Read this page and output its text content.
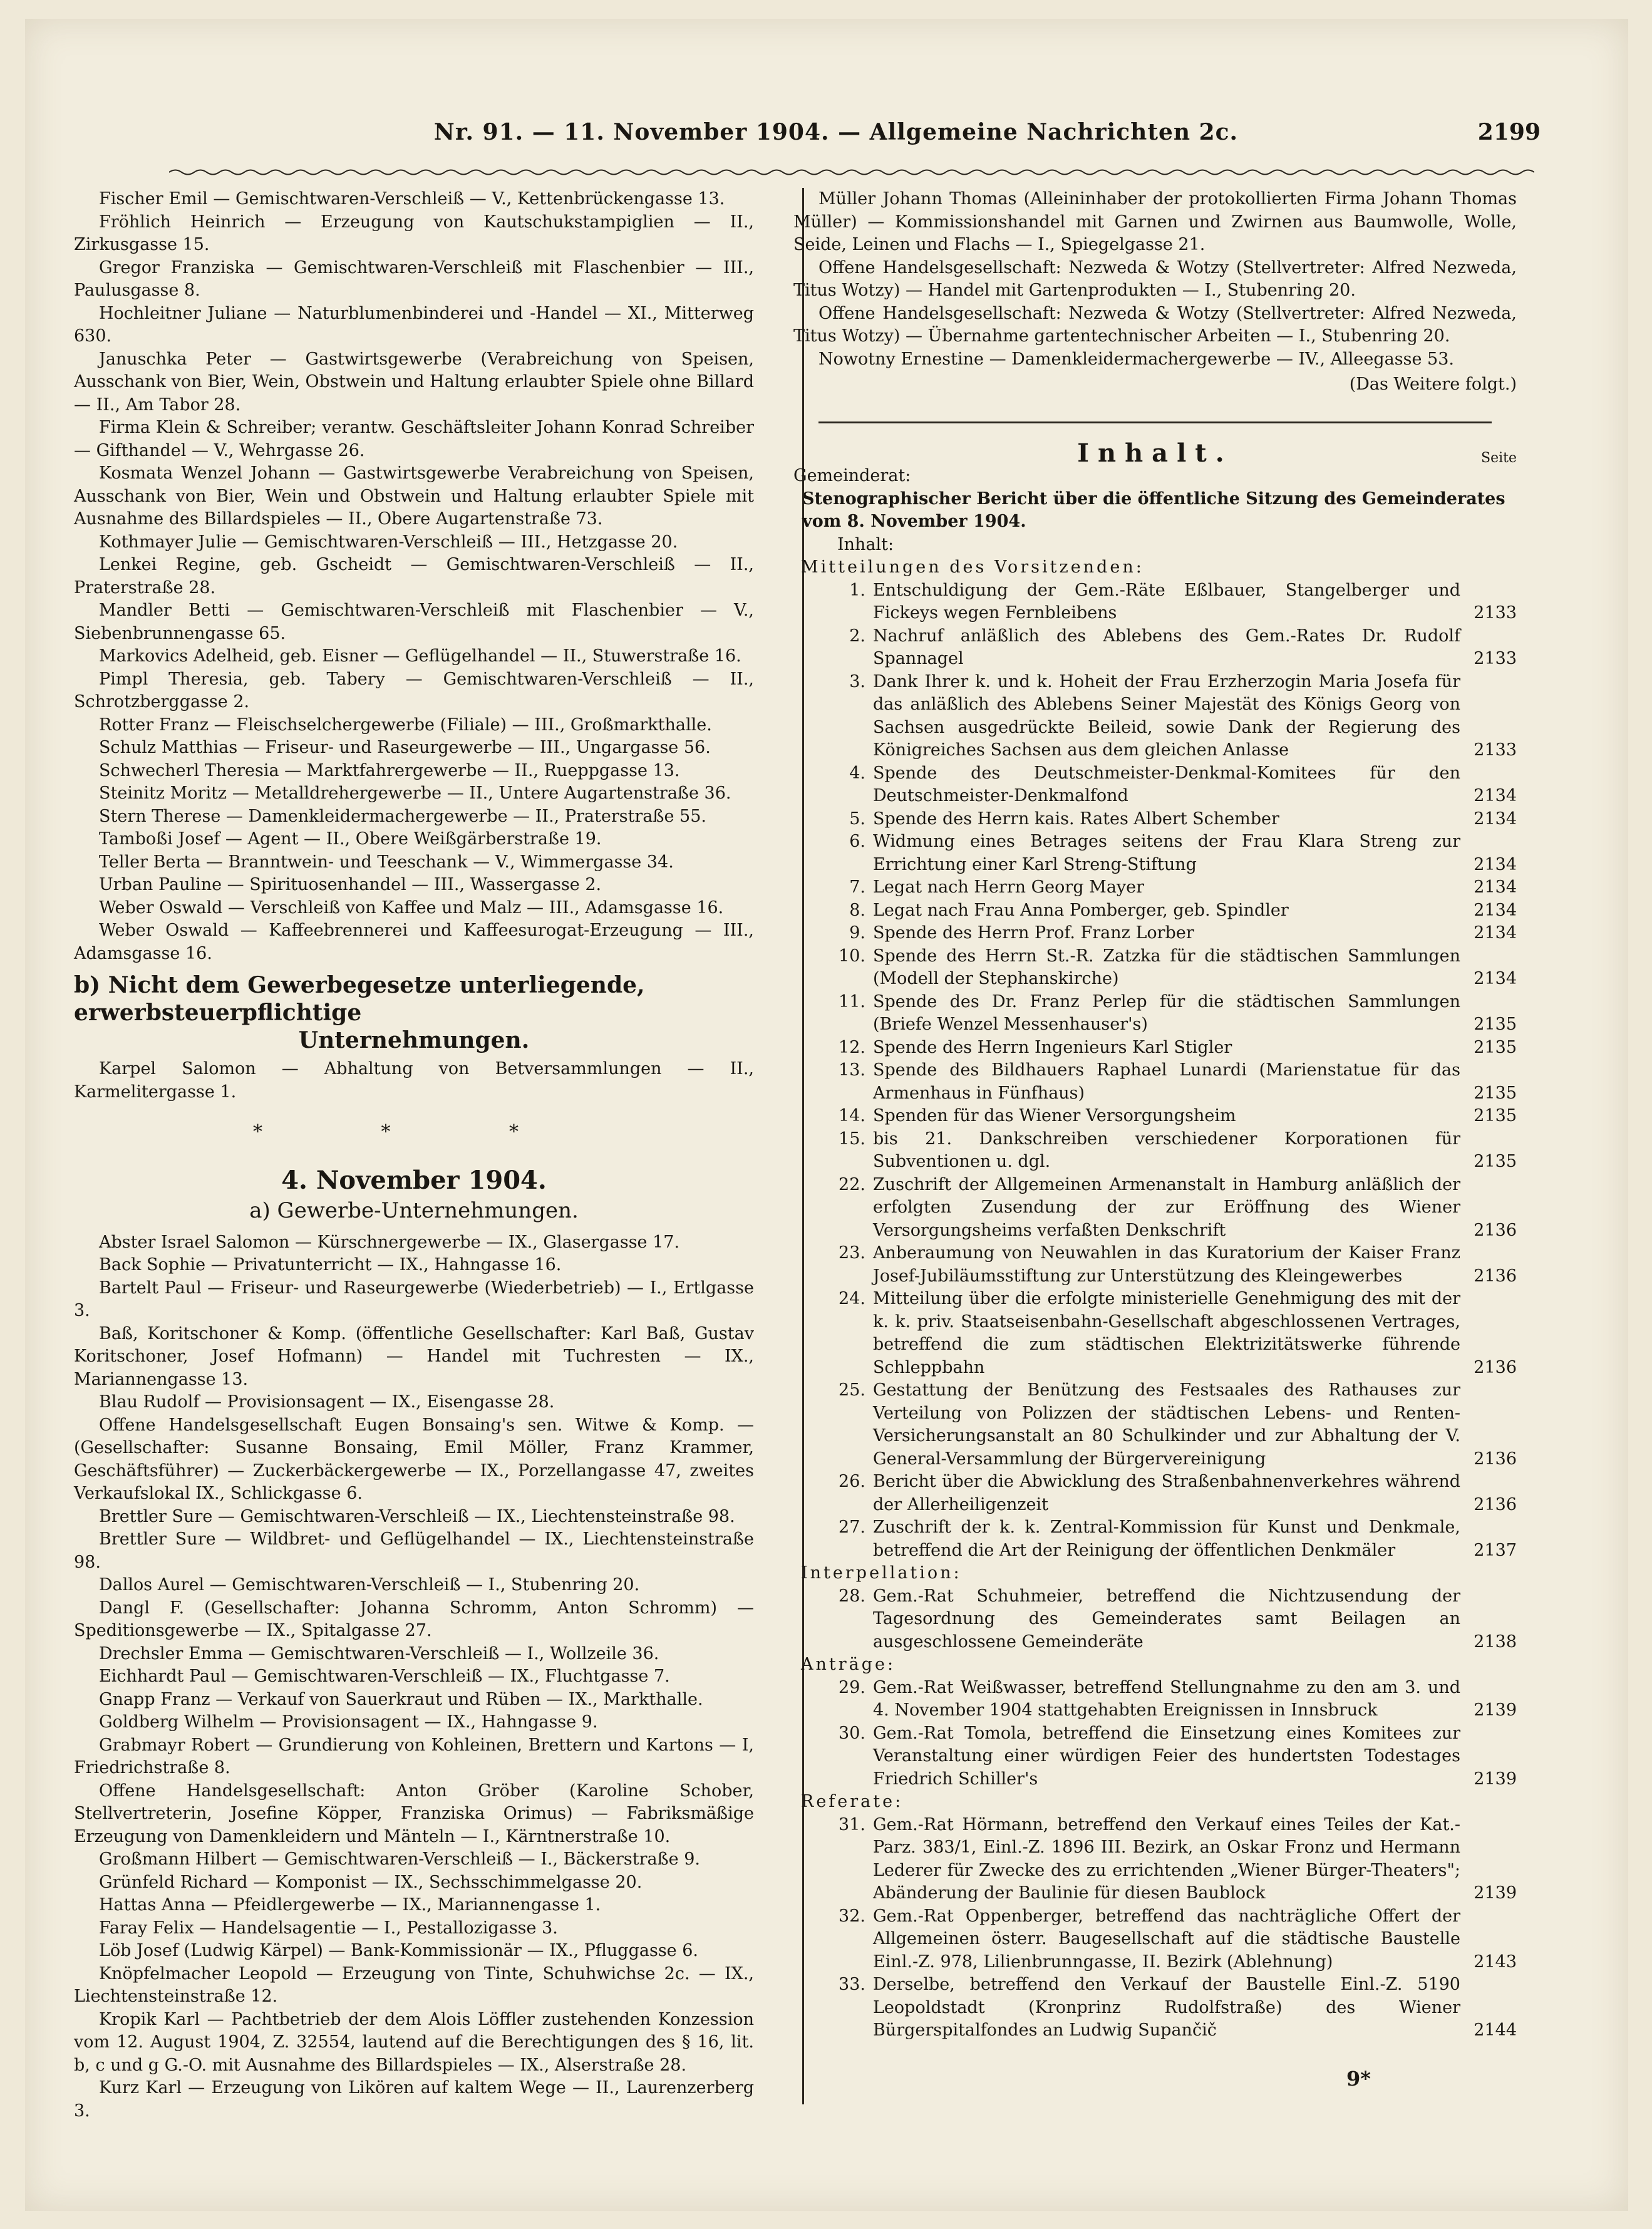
Nr. 91. — 11. November 1904. — Allgemeine Nachrichten 2c.	2199

Fischer Emil — Gemischtwaren-Verschleiß — V., Kettenbrückengasse 13.

Fröhlich Heinrich — Erzeugung von Kautschukstampiglien — II., Zirkusgasse 15.

Gregor Franziska — Gemischtwaren-Verschleiß mit Flaschenbier — III., Paulusgasse 8.

Hochleitner Juliane — Naturblumenbinderei und -Handel — XI., Mitterweg 630.

Januschka Peter — Gastwirtsgewerbe (Verabreichung von Speisen, Ausschank von Bier, Wein, Obstwein und Haltung erlaubter Spiele ohne Billard — II., Am Tabor 28.

Firma Klein & Schreiber; verantw. Geschäftsleiter Johann Konrad Schreiber — Gifthandel — V., Wehrgasse 26.

Kosmata Wenzel Johann — Gastwirtsgewerbe Verabreichung von Speisen, Ausschank von Bier, Wein und Obstwein und Haltung erlaubter Spiele mit Ausnahme des Billardspieles — II., Obere Augartenstraße 73.

Kothmayer Julie — Gemischtwaren-Verschleiß — III., Hetzgasse 20.

Lenkei Regine, geb. Gscheidt — Gemischtwaren-Verschleiß — II., Praterstraße 28.

Mandler Betti — Gemischtwaren-Verschleiß mit Flaschenbier — V., Siebenbrunnengasse 65.

Markovics Adelheid, geb. Eisner — Geflügelhandel — II., Stuwerstraße 16.

Pimpl Theresia, geb. Tabery — Gemischtwaren-Verschleiß — II., Schrotzberggasse 2.

Rotter Franz — Fleischselchergewerbe (Filiale) — III., Großmarkthalle.

Schulz Matthias — Friseur- und Raseurgewerbe — III., Ungargasse 56.

Schwecherl Theresia — Marktfahrergewerbe — II., Rueppgasse 13.

Steinitz Moritz — Metalldrehergewerbe — II., Untere Augartenstraße 36.

Stern Therese — Damenkleidermachergewerbe — II., Praterstraße 55.

Tamboßi Josef — Agent — II., Obere Weißgärberstraße 19.

Teller Berta — Branntwein- und Teeschank — V., Wimmergasse 34.

Urban Pauline — Spirituosenhandel — III., Wassergasse 2.

Weber Oswald — Verschleiß von Kaffee und Malz — III., Adamsgasse 16.

Weber Oswald — Kaffeebrennerei und Kaffeesurogat-Erzeugung — III., Adamsgasse 16.

b) Nicht dem Gewerbegesetze unterliegende, erwerbsteuerpflichtige
Unternehmungen.

Karpel Salomon — Abhaltung von Betversammlungen — II., Karmelitergasse 1.

* * *
4. November 1904.
a) Gewerbe-Unternehmungen.

Abster Israel Salomon — Kürschnergewerbe — IX., Glasergasse 17.

Back Sophie — Privatunterricht — IX., Hahngasse 16.

Bartelt Paul — Friseur- und Raseurgewerbe (Wiederbetrieb) — I., Ertlgasse 3.

Baß, Koritschoner & Komp. (öffentliche Gesellschafter: Karl Baß, Gustav Koritschoner, Josef Hofmann) — Handel mit Tuchresten — IX., Mariannengasse 13.

Blau Rudolf — Provisionsagent — IX., Eisengasse 28.

Offene Handelsgesellschaft Eugen Bonsaing's sen. Witwe & Komp. — (Gesellschafter: Susanne Bonsaing, Emil Möller, Franz Krammer, Geschäftsführer) — Zuckerbäckergewerbe — IX., Porzellangasse 47, zweites Verkaufslokal IX., Schlickgasse 6.

Brettler Sure — Gemischtwaren-Verschleiß — IX., Liechtensteinstraße 98.

Brettler Sure — Wildbret- und Geflügelhandel — IX., Liechtensteinstraße 98.

Dallos Aurel — Gemischtwaren-Verschleiß — I., Stubenring 20.

Dangl F. (Gesellschafter: Johanna Schromm, Anton Schromm) — Speditionsgewerbe — IX., Spitalgasse 27.

Drechsler Emma — Gemischtwaren-Verschleiß — I., Wollzeile 36.

Eichhardt Paul — Gemischtwaren-Verschleiß — IX., Fluchtgasse 7.

Gnapp Franz — Verkauf von Sauerkraut und Rüben — IX., Markthalle.

Goldberg Wilhelm — Provisionsagent — IX., Hahngasse 9.

Grabmayr Robert — Grundierung von Kohleinen, Brettern und Kartons — I, Friedrichstraße 8.

Offene Handelsgesellschaft: Anton Gröber (Karoline Schober, Stellvertreterin, Josefine Köpper, Franziska Orimus) — Fabriksmäßige Erzeugung von Damenkleidern und Mänteln — I., Kärntnerstraße 10.

Großmann Hilbert — Gemischtwaren-Verschleiß — I., Bäckerstraße 9.

Grünfeld Richard — Komponist — IX., Sechsschimmelgasse 20.

Hattas Anna — Pfeidlergewerbe — IX., Mariannengasse 1.

Faray Felix — Handelsagentie — I., Pestallozigasse 3.

Löb Josef (Ludwig Kärpel) — Bank-Kommissionär — IX., Pfluggasse 6.

Knöpfelmacher Leopold — Erzeugung von Tinte, Schuhwichse 2c. — IX., Liechtensteinstraße 12.

Kropik Karl — Pachtbetrieb der dem Alois Löffler zustehenden Konzession vom 12. August 1904, Z. 32554, lautend auf die Berechtigungen des § 16, lit. b, c und g G.-O. mit Ausnahme des Billardspieles — IX., Alserstraße 28.

Kurz Karl — Erzeugung von Likören auf kaltem Wege — II., Laurenzerberg 3.

Müller Johann Thomas (Alleininhaber der protokollierten Firma Johann Thomas Müller) — Kommissionshandel mit Garnen und Zwirnen aus Baumwolle, Wolle, Seide, Leinen und Flachs — I., Spiegelgasse 21.

Offene Handelsgesellschaft: Nezweda & Wotzy (Stellvertreter: Alfred Nezweda, Titus Wotzy) — Handel mit Gartenprodukten — I., Stubenring 20.

Offene Handelsgesellschaft: Nezweda & Wotzy (Stellvertreter: Alfred Nezweda, Titus Wotzy) — Übernahme gartentechnischer Arbeiten — I., Stubenring 20.

Nowotny Ernestine — Damenkleidermachergewerbe — IV., Alleegasse 53.

(Das Weitere folgt.)
Inhalt.	Seite

Gemeinderat:

Stenographischer Bericht über die öffentliche Sitzung des Gemeinderates vom 8. November 1904.

Inhalt:

Mitteilungen des Vorsitzenden:

1. Entschuldigung der Gem.-Räte Eßlbauer, Stangelberger und Fickeys wegen Fernbleibens	2133
2. Nachruf anläßlich des Ablebens des Gem.-Rates Dr. Rudolf Spannagel	2133
3. Dank Ihrer k. und k. Hoheit der Frau Erzherzogin Maria Josefa für das anläßlich des Ablebens Seiner Majestät des Königs Georg von Sachsen ausgedrückte Beileid, sowie Dank der Regierung des Königreiches Sachsen aus dem gleichen Anlasse	2133
4. Spende des Deutschmeister-Denkmal-Komitees für den Deutschmeister-Denkmalfond	2134
5. Spende des Herrn kais. Rates Albert Schember	2134
6. Widmung eines Betrages seitens der Frau Klara Streng zur Errichtung einer Karl Streng-Stiftung	2134
7. Legat nach Herrn Georg Mayer	2134
8. Legat nach Frau Anna Pomberger, geb. Spindler	2134
9. Spende des Herrn Prof. Franz Lorber	2134
10. Spende des Herrn St.-R. Zatzka für die städtischen Sammlungen (Modell der Stephanskirche)	2134
11. Spende des Dr. Franz Perlep für die städtischen Sammlungen (Briefe Wenzel Messenhauser's)	2135
12. Spende des Herrn Ingenieurs Karl Stigler	2135
13. Spende des Bildhauers Raphael Lunardi (Marienstatue für das Armenhaus in Fünfhaus)	2135
14. Spenden für das Wiener Versorgungsheim	2135
15. bis 21. Dankschreiben verschiedener Korporationen für Subventionen u. dgl.	2135
22. Zuschrift der Allgemeinen Armenanstalt in Hamburg anläßlich der erfolgten Zusendung der zur Eröffnung des Wiener Versorgungsheims verfaßten Denkschrift	2136
23. Anberaumung von Neuwahlen in das Kuratorium der Kaiser Franz Josef-Jubiläumsstiftung zur Unterstützung des Kleingewerbes	2136
24. Mitteilung über die erfolgte ministerielle Genehmigung des mit der k. k. priv. Staatseisenbahn-Gesellschaft abgeschlossenen Vertrages, betreffend die zum städtischen Elektrizitätswerke führende Schleppbahn	2136
25. Gestattung der Benützung des Festsaales des Rathauses zur Verteilung von Polizzen der städtischen Lebens- und Renten-Versicherungsanstalt an 80 Schulkinder und zur Abhaltung der V. General-Versammlung der Bürgervereinigung	2136
26. Bericht über die Abwicklung des Straßenbahnenverkehres während der Allerheiligenzeit	2136
27. Zuschrift der k. k. Zentral-Kommission für Kunst und Denkmale, betreffend die Art der Reinigung der öffentlichen Denkmäler	2137

Interpellation:

28. Gem.-Rat Schuhmeier, betreffend die Nichtzusendung der Tagesordnung des Gemeinderates samt Beilagen an ausgeschlossene Gemeinderäte	2138

Anträge:

29. Gem.-Rat Weißwasser, betreffend Stellungnahme zu den am 3. und 4. November 1904 stattgehabten Ereignissen in Innsbruck	2139
30. Gem.-Rat Tomola, betreffend die Einsetzung eines Komitees zur Veranstaltung einer würdigen Feier des hundertsten Todestages Friedrich Schiller's	2139

Referate:

31. Gem.-Rat Hörmann, betreffend den Verkauf eines Teiles der Kat.-Parz. 383/1, Einl.-Z. 1896 III. Bezirk, an Oskar Fronz und Hermann Lederer für Zwecke des zu errichtenden „Wiener Bürger-Theaters"; Abänderung der Baulinie für diesen Baublock	2139
32. Gem.-Rat Oppenberger, betreffend das nachträgliche Offert der Allgemeinen österr. Baugesellschaft auf die städtische Baustelle Einl.-Z. 978, Lilienbrunngasse, II. Bezirk (Ablehnung)	2143
33. Derselbe, betreffend den Verkauf der Baustelle Einl.-Z. 5190 Leopoldstadt (Kronprinz Rudolfstraße) des Wiener Bürgerspitalfondes an Ludwig Supančič	2144
9*
